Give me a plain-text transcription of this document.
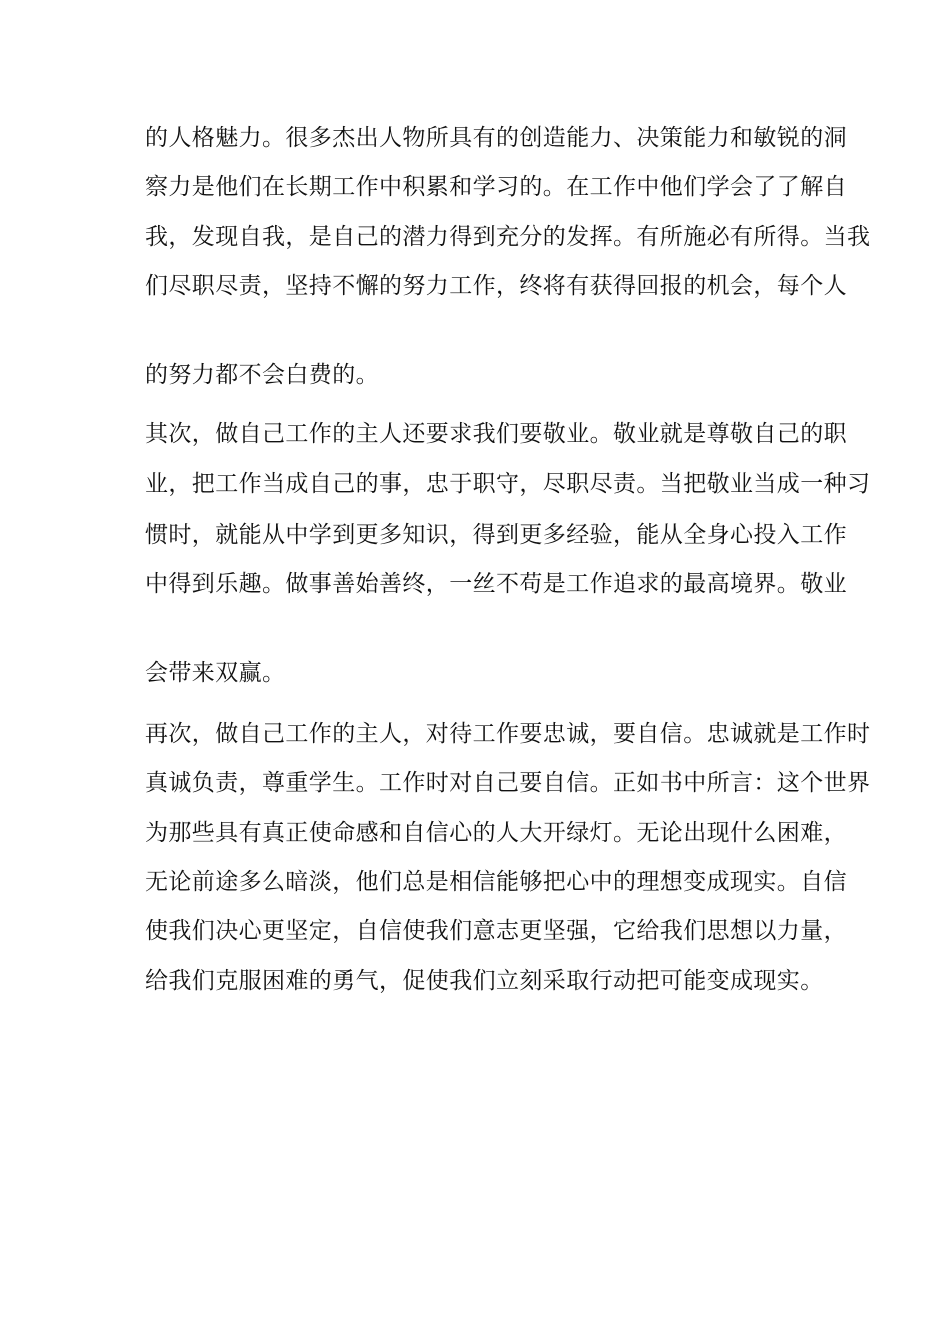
的人格魅力。很多杰出人物所具有的创造能力、决策能力和敏锐的洞
察力是他们在长期工作中积累和学习的。在工作中他们学会了了解自
我，发现自我，是自己的潜力得到充分的发挥。有所施必有所得。当我
们尽职尽责，坚持不懈的努力工作，终将有获得回报的机会，每个人
的努力都不会白费的。
其次，做自己工作的主人还要求我们要敬业。敬业就是尊敬自己的职
业，把工作当成自己的事，忠于职守，尽职尽责。当把敬业当成一种习
惯时，就能从中学到更多知识，得到更多经验，能从全身心投入工作
中得到乐趣。做事善始善终，一丝不苟是工作追求的最高境界。敬业
会带来双赢。
再次，做自己工作的主人，对待工作要忠诚，要自信。忠诚就是工作时
真诚负责，尊重学生。工作时对自己要自信。正如书中所言：这个世界
为那些具有真正使命感和自信心的人大开绿灯。无论出现什么困难，
无论前途多么暗淡，他们总是相信能够把心中的理想变成现实。自信
使我们决心更坚定，自信使我们意志更坚强，它给我们思想以力量，
给我们克服困难的勇气，促使我们立刻采取行动把可能变成现实。
